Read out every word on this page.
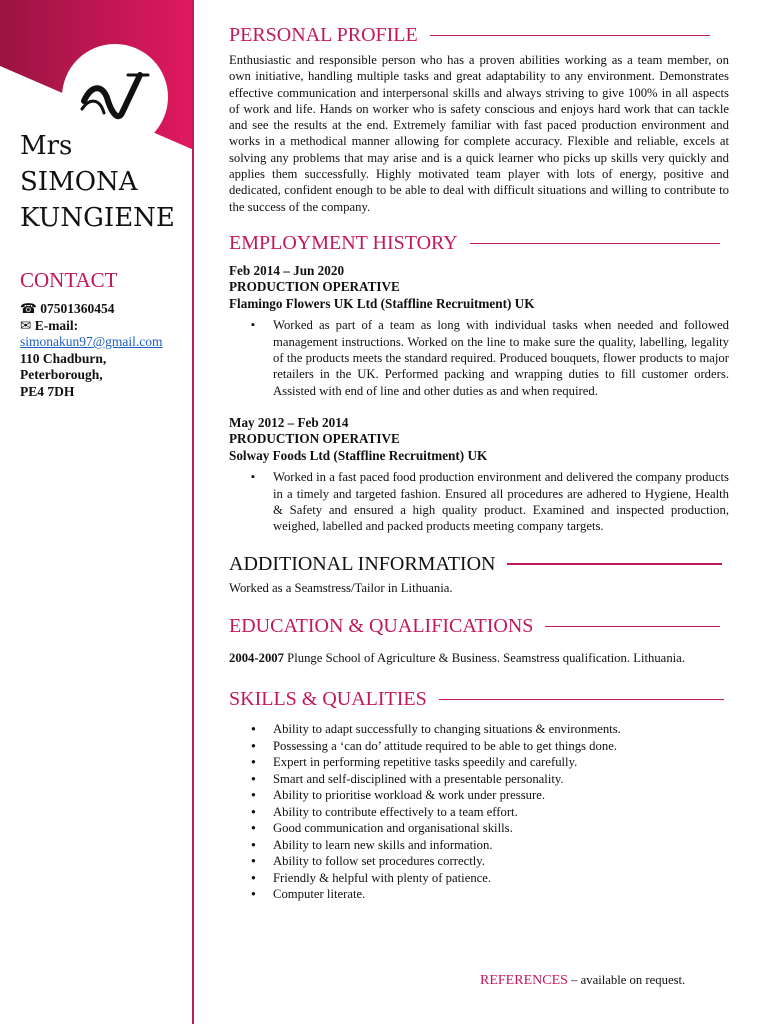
Mrs
SIMONA
KUNGIENE
CONTACT
☎ 07501360454
✉ E-mail:
simonakun97@gmail.com
110 Chadburn,
Peterborough,
PE4 7DH
PERSONAL PROFILE

Enthusiastic and responsible person who has a proven abilities working as a team member, on own initiative, handling multiple tasks and great adaptability to any environment. Demonstrates effective communication and interpersonal skills and always striving to give 100% in all aspects of work and life. Hands on worker who is safety conscious and enjoys hard work that can tackle and see the results at the end. Extremely familiar with fast paced production environment and works in a methodical manner allowing for complete accuracy. Flexible and reliable, excels at solving any problems that may arise and is a quick learner who picks up skills very quickly and applies them successfully. Highly motivated team player with lots of energy, positive and dedicated, confident enough to be able to deal with difficult situations and willing to contribute to the success of the company.

EMPLOYMENT HISTORY
Feb 2014 – Jun 2020
PRODUCTION OPERATIVE
Flamingo Flowers UK Ltd (Staffline Recruitment) UK
▪ Worked as part of a team as long with individual tasks when needed and followed management instructions. Worked on the line to make sure the quality, labelling, legality of the products meets the standard required. Produced bouquets, flower products to major retailers in the UK. Performed packing and wrapping duties to fill customer orders. Assisted with end of line and other duties as and when required.
May 2012 – Feb 2014
PRODUCTION OPERATIVE
Solway Foods Ltd (Staffline Recruitment) UK
▪ Worked in a fast paced food production environment and delivered the company products in a timely and targeted fashion. Ensured all procedures are adhered to Hygiene, Health & Safety and ensured a high quality product. Examined and inspected production, weighed, labelled and packed products meeting company targets.
ADDITIONAL INFORMATION

Worked as a Seamstress/Tailor in Lithuania.

EDUCATION & QUALIFICATIONS

2004-2007 Plunge School of Agriculture & Business. Seamstress qualification. Lithuania.

SKILLS & QUALITIES
● Ability to adapt successfully to changing situations & environments.
● Possessing a ‘can do’ attitude required to be able to get things done.
● Expert in performing repetitive tasks speedily and carefully.
● Smart and self-disciplined with a presentable personality.
● Ability to prioritise workload & work under pressure.
● Ability to contribute effectively to a team effort.
● Good communication and organisational skills.
● Ability to learn new skills and information.
● Ability to follow set procedures correctly.
● Friendly & helpful with plenty of patience.
● Computer literate.
REFERENCES – available on request.
